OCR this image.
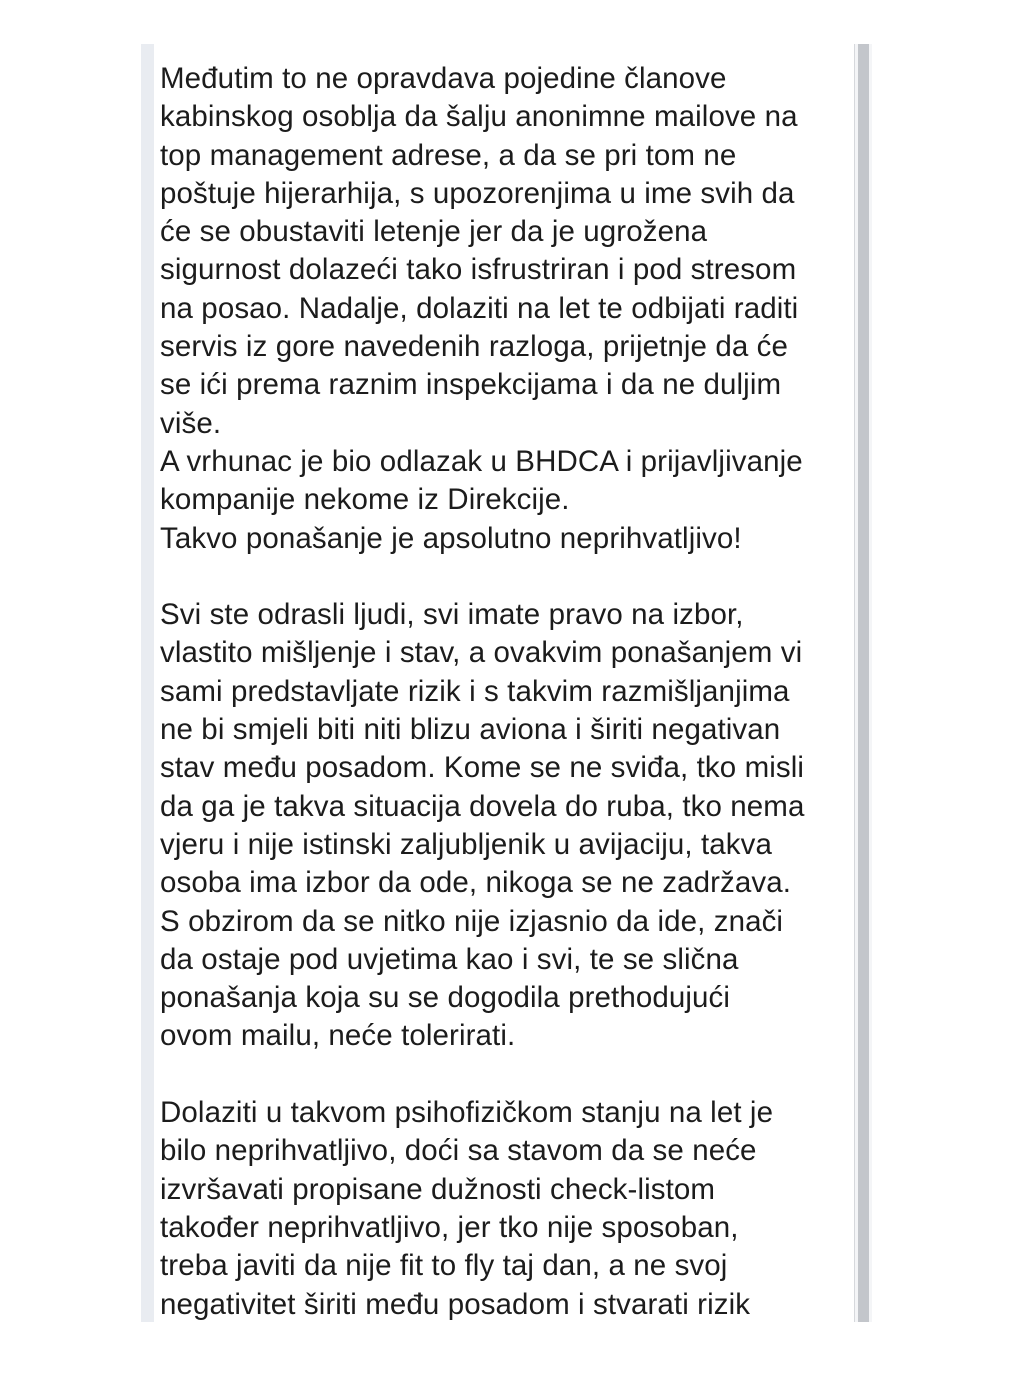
Međutim to ne opravdava pojedine članove
kabinskog osoblja da šalju anonimne mailove na
top management adrese, a da se pri tom ne
poštuje hijerarhija, s upozorenjima u ime svih da
će se obustaviti letenje jer da je ugrožena
sigurnost dolazeći tako isfrustriran i pod stresom
na posao. Nadalje, dolaziti na let te odbijati raditi
servis iz gore navedenih razloga, prijetnje da će
se ići prema raznim inspekcijama i da ne duljim
više.
A vrhunac je bio odlazak u BHDCA i prijavljivanje
kompanije nekome iz Direkcije.
Takvo ponašanje je apsolutno neprihvatljivo!
Svi ste odrasli ljudi, svi imate pravo na izbor,
vlastito mišljenje i stav, a ovakvim ponašanjem vi
sami predstavljate rizik i s takvim razmišljanjima
ne bi smjeli biti niti blizu aviona i širiti negativan
stav među posadom. Kome se ne sviđa, tko misli
da ga je takva situacija dovela do ruba, tko nema
vjeru i nije istinski zaljubljenik u avijaciju, takva
osoba ima izbor da ode, nikoga se ne zadržava.
S obzirom da se nitko nije izjasnio da ide, znači
da ostaje pod uvjetima kao i svi, te se slična
ponašanja koja su se dogodila prethodujući
ovom mailu, neće tolerirati.
Dolaziti u takvom psihofizičkom stanju na let je
bilo neprihvatljivo, doći sa stavom da se neće
izvršavati propisane dužnosti check-listom
također neprihvatljivo, jer tko nije sposoban,
treba javiti da nije fit to fly taj dan, a ne svoj
negativitet širiti među posadom i stvarati rizik
